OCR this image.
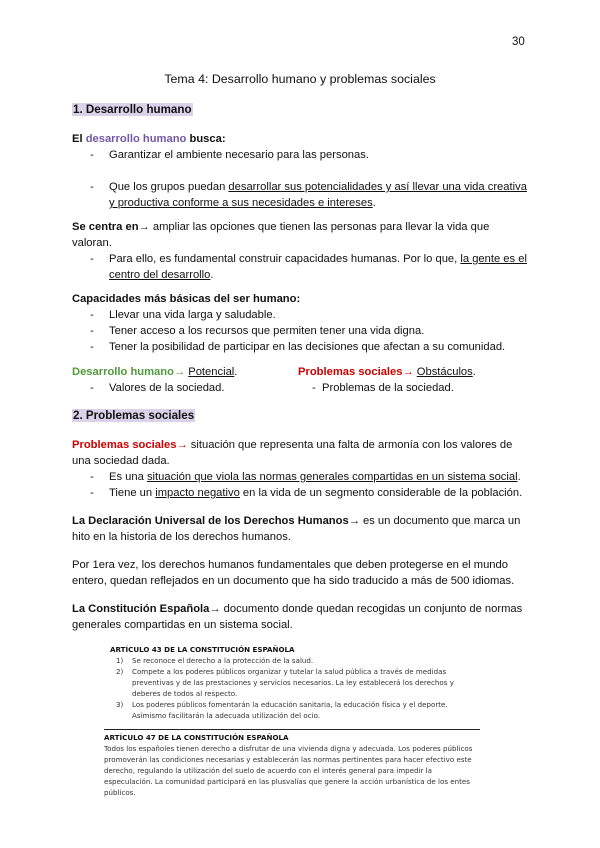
30
Tema 4: Desarrollo humano y problemas sociales
1. Desarrollo humano
El desarrollo humano busca:
- Garantizar el ambiente necesario para las personas.
- Que los grupos puedan desarrollar sus potencialidades y así llevar una vida creativa
y productiva conforme a sus necesidades e intereses.
Se centra en→ ampliar las opciones que tienen las personas para llevar la vida que valoran.
- Para ello, es fundamental construir capacidades humanas. Por lo que, la gente es el centro del desarrollo.
Capacidades más básicas del ser humano:
- Llevar una vida larga y saludable.
- Tener acceso a los recursos que permiten tener una vida digna.
- Tener la posibilidad de participar en las decisiones que afectan a su comunidad.
Desarrollo humano→ Potencial.
- Valores de la sociedad.
Problemas sociales→ Obstáculos.
- Problemas de la sociedad.
2. Problemas sociales
Problemas sociales→ situación que representa una falta de armonía con los valores de una sociedad dada.
- Es una situación que viola las normas generales compartidas en un sistema social.
- Tiene un impacto negativo en la vida de un segmento considerable de la población.
La Declaración Universal de los Derechos Humanos→ es un documento que marca un hito en la historia de los derechos humanos.
Por 1era vez, los derechos humanos fundamentales que deben protegerse en el mundo entero, quedan reflejados en un documento que ha sido traducido a más de 500 idiomas.
La Constitución Española→ documento donde quedan recogidas un conjunto de normas generales compartidas en un sistema social.
ARTÍCULO 43 DE LA CONSTITUCIÓN ESPAÑOLA
1) Se reconoce el derecho a la protección de la salud.
2) Compete a los poderes públicos organizar y tutelar la salud pública a través de medidas preventivas y de las prestaciones y servicios necesarios. La ley establecerá los derechos y deberes de todos al respecto.
3) Los poderes públicos fomentarán la educación sanitaria, la educación física y el deporte. Asimismo facilitarán la adecuada utilización del ocio.
ARTÍCULO 47 DE LA CONSTITUCIÓN ESPAÑOLA
Todos los españoles tienen derecho a disfrutar de una vivienda digna y adecuada. Los poderes públicos promoverán las condiciones necesarias y establecerán las normas pertinentes para hacer efectivo este derecho, regulando la utilización del suelo de acuerdo con el interés general para impedir la especulación. La comunidad participará en las plusvalías que genere la acción urbanística de los entes públicos.
